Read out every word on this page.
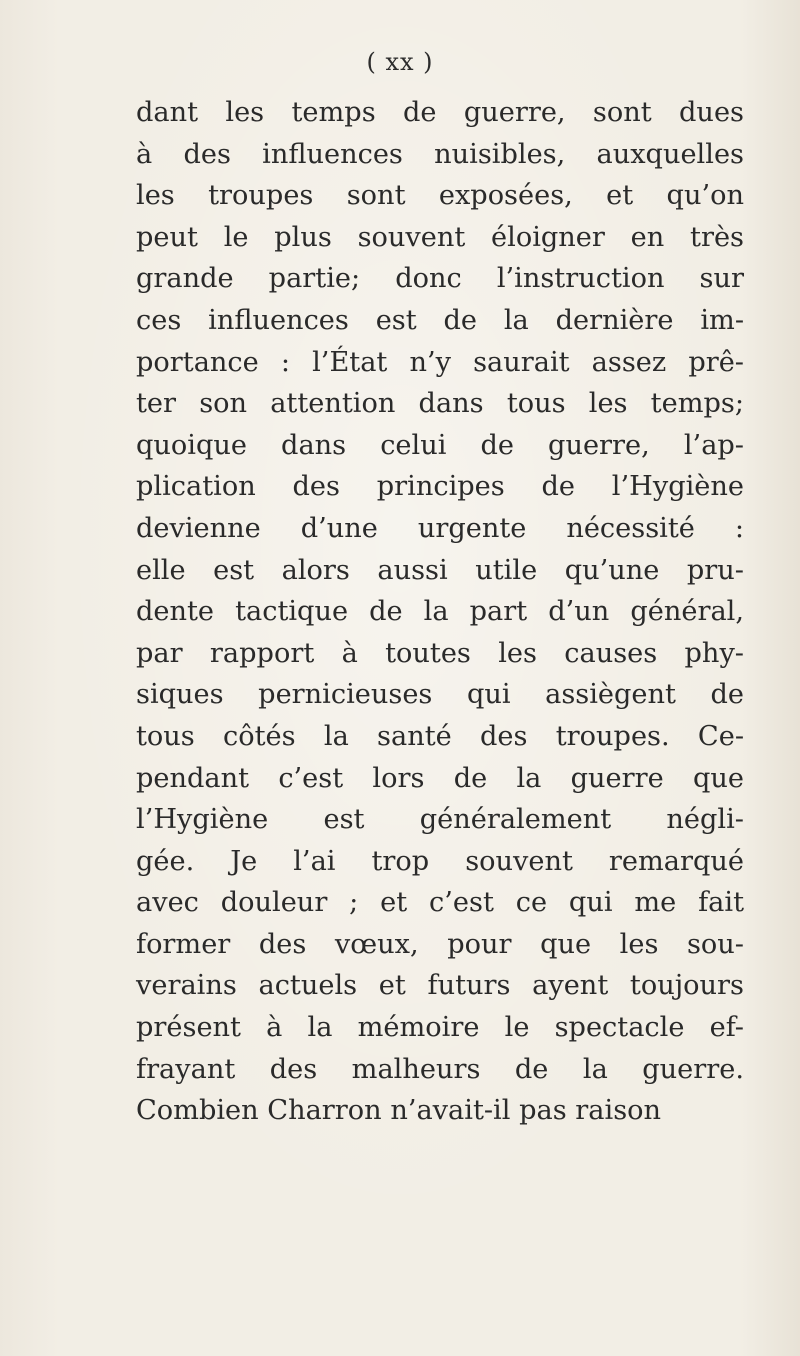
( xx )
dant les temps de guerre, sont dues
à des influences nuisibles, auxquelles
les troupes sont exposées, et qu’on
peut le plus souvent éloigner en très
grande partie; donc l’instruction sur
ces influences est de la dernière im-
portance : l’État n’y saurait assez prê-
ter son attention dans tous les temps;
quoique dans celui de guerre, l’ap-
plication des principes de l’Hygiène
devienne d’une urgente nécessité :
elle est alors aussi utile qu’une pru-
dente tactique de la part d’un général,
par rapport à toutes les causes phy-
siques pernicieuses qui assiègent de
tous côtés la santé des troupes. Ce-
pendant c’est lors de la guerre que
l’Hygiène est généralement négli-
gée. Je l’ai trop souvent remarqué
avec douleur ; et c’est ce qui me fait
former des vœux, pour que les sou-
verains actuels et futurs ayent toujours
présent à la mémoire le spectacle ef-
frayant des malheurs de la guerre.
Combien Charron n’avait-il pas raison
